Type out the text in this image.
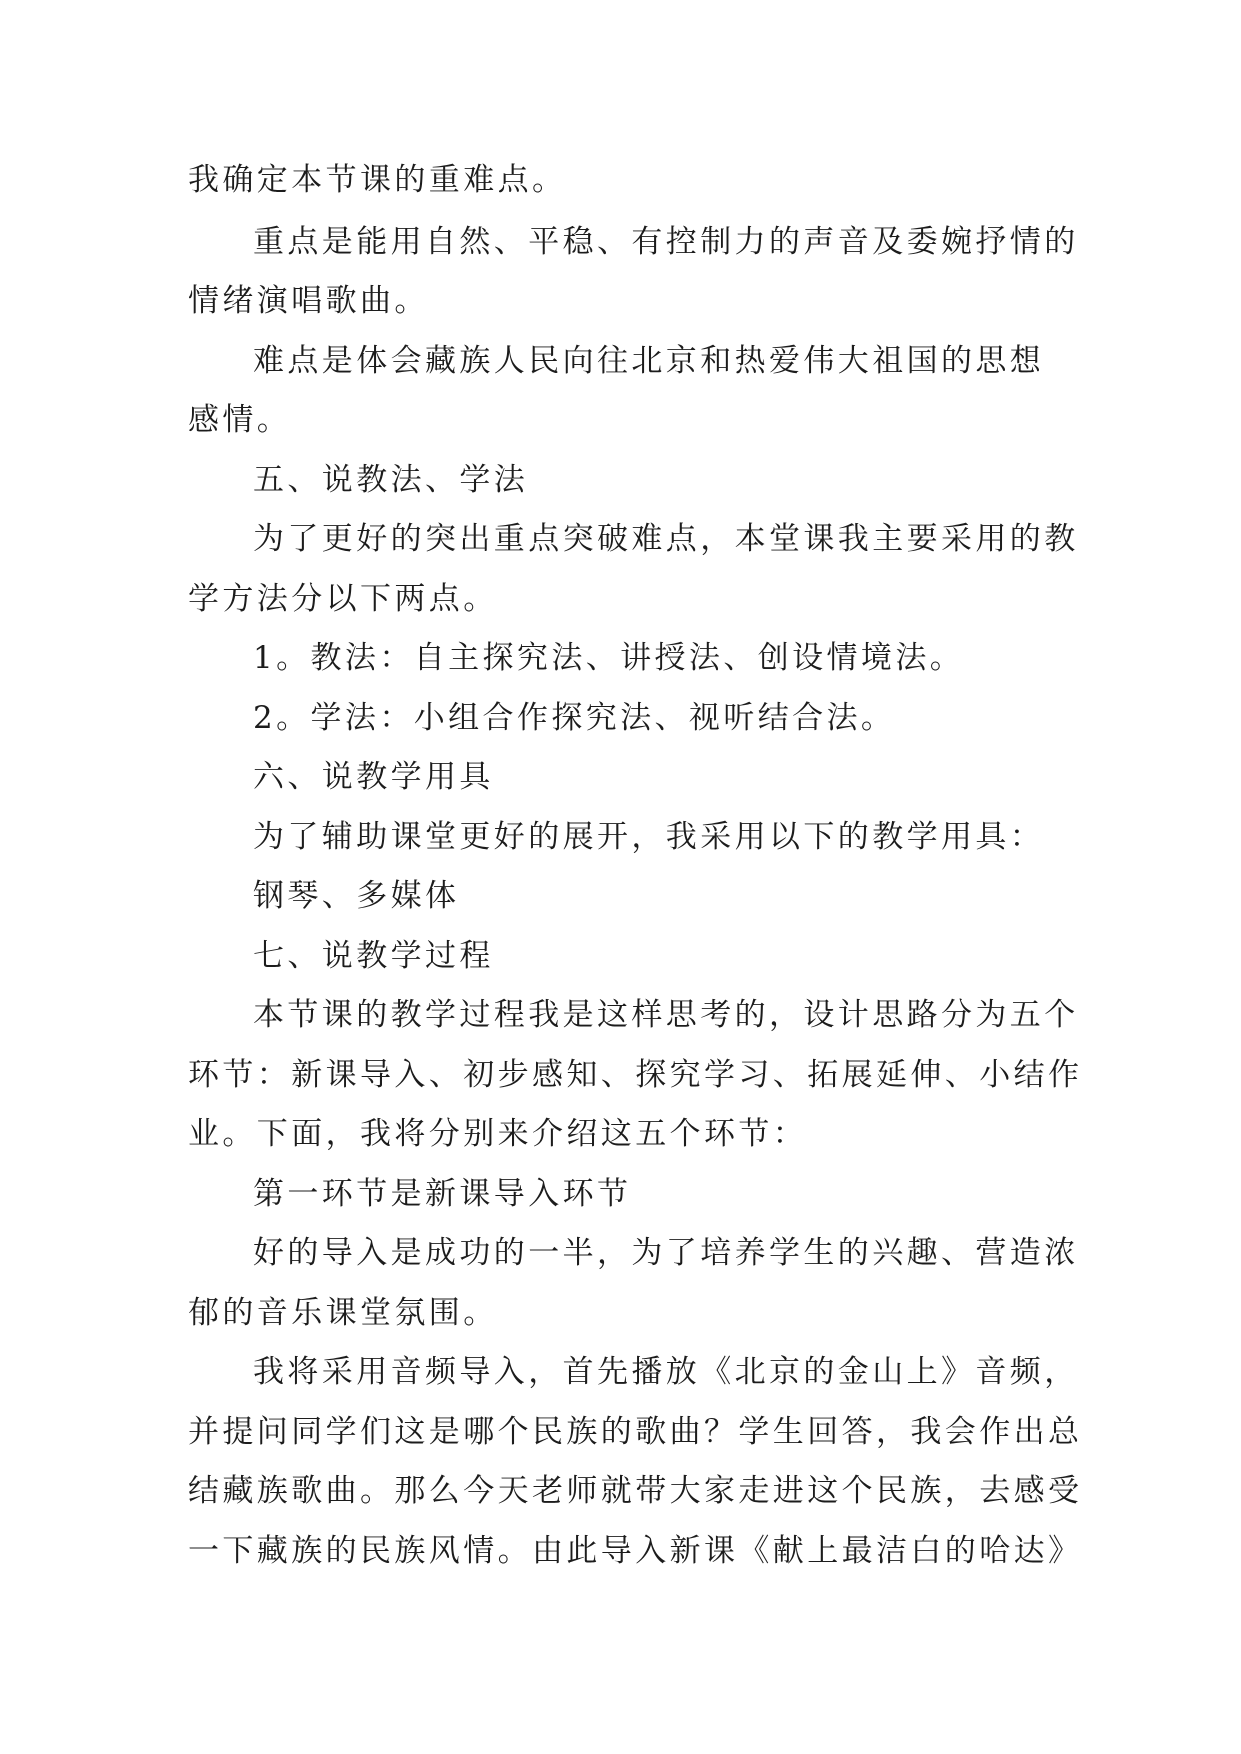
我确定本节课的重难点。
重点是能用自然、平稳、有控制力的声音及委婉抒情的
情绪演唱歌曲。
难点是体会藏族人民向往北京和热爱伟大祖国的思想
感情。
五、说教法、学法
为了更好的突出重点突破难点，本堂课我主要采用的教
学方法分以下两点。
1。教法：自主探究法、讲授法、创设情境法。
2。学法：小组合作探究法、视听结合法。
六、说教学用具
为了辅助课堂更好的展开，我采用以下的教学用具：
钢琴、多媒体
七、说教学过程
本节课的教学过程我是这样思考的，设计思路分为五个
环节：新课导入、初步感知、探究学习、拓展延伸、小结作
业。下面，我将分别来介绍这五个环节：
第一环节是新课导入环节
好的导入是成功的一半，为了培养学生的兴趣、营造浓
郁的音乐课堂氛围。
我将采用音频导入，首先播放《北京的金山上》音频，
并提问同学们这是哪个民族的歌曲？学生回答，我会作出总
结藏族歌曲。那么今天老师就带大家走进这个民族，去感受
一下藏族的民族风情。由此导入新课《献上最洁白的哈达》
